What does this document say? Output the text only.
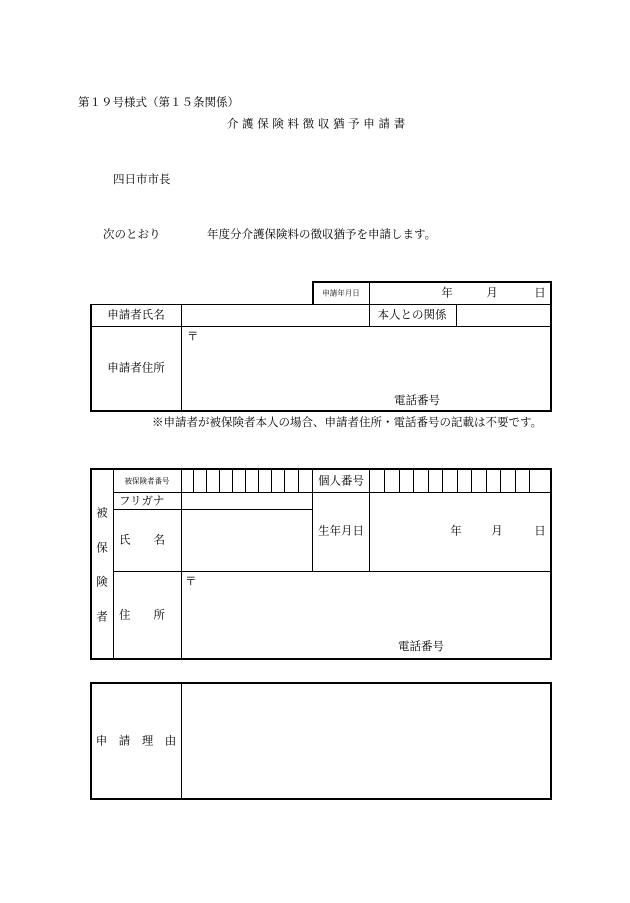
第１９号様式（第１５条関係）
介 護 保 険 料 徴 収 猶 予 申 請 書
四日市市長
次のとおり	年度分介護保険料の徴収猶予を申請します。
申請年月日	年	月	日
申請者氏名	本人との関係
申請者住所
〒
電話番号
※申請者が被保険者本人の場合、申請者住所・電話番号の記載は不要です。
被
保
険
者
被保険者番号	個人番号
フリガナ
氏　　名
生年月日	年	月	日
住　　所
〒
電話番号
申　請　理　由
